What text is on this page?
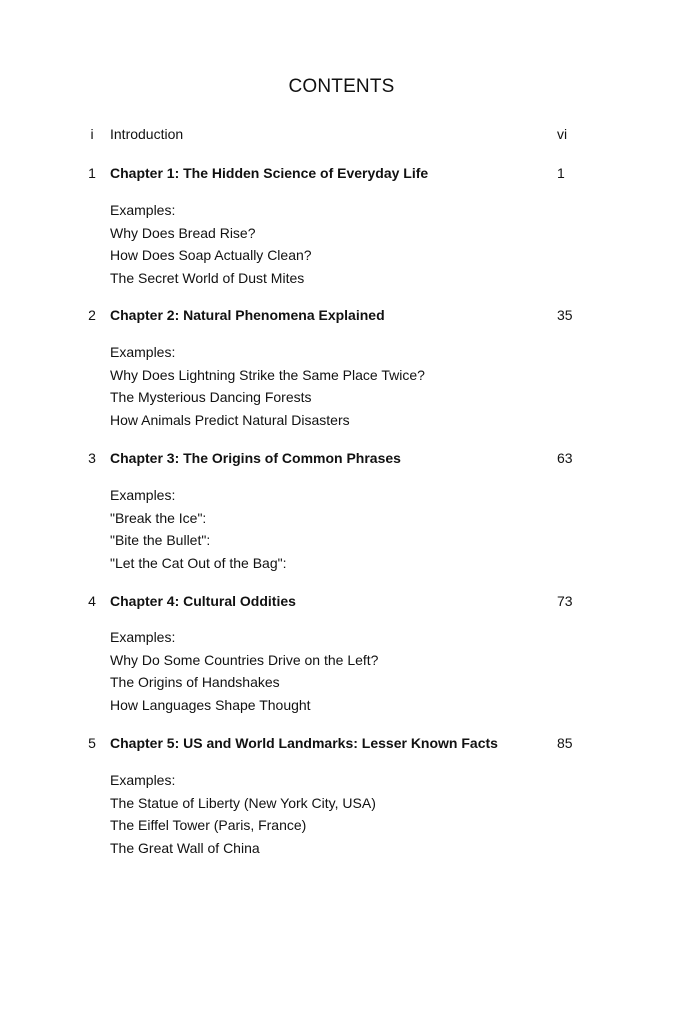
CONTENTS
i	Introduction	vi
1	Chapter 1: The Hidden Science of Everyday Life	1
Examples:
Why Does Bread Rise?
How Does Soap Actually Clean?
The Secret World of Dust Mites
2	Chapter 2: Natural Phenomena Explained	35
Examples:
Why Does Lightning Strike the Same Place Twice?
The Mysterious Dancing Forests
How Animals Predict Natural Disasters
3	Chapter 3: The Origins of Common Phrases	63
Examples:
"Break the Ice":
"Bite the Bullet":
"Let the Cat Out of the Bag":
4	Chapter 4: Cultural Oddities	73
Examples:
Why Do Some Countries Drive on the Left?
The Origins of Handshakes
How Languages Shape Thought
5	Chapter 5: US and World Landmarks: Lesser Known Facts	85
Examples:
The Statue of Liberty (New York City, USA)
The Eiffel Tower (Paris, France)
The Great Wall of China
